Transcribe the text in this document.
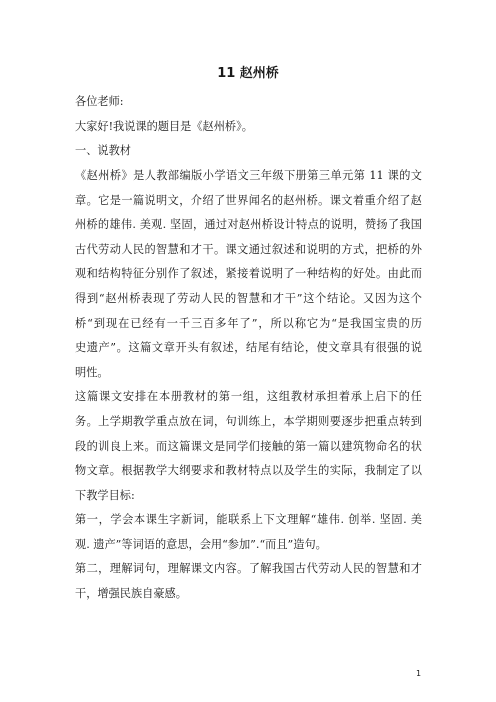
11 赵州桥
各位老师:
大家好!我说课的题目是《赵州桥》。
一、说教材
《赵州桥》是人教部编版小学语文三年级下册第三单元第 11 课的文
章。它是一篇说明文，介绍了世界闻名的赵州桥。课文着重介绍了赵
州桥的雄伟. 美观. 坚固，通过对赵州桥设计特点的说明，赞扬了我国
古代劳动人民的智慧和才干。课文通过叙述和说明的方式，把桥的外
观和结构特征分别作了叙述，紧接着说明了一种结构的好处。由此而
得到“赵州桥表现了劳动人民的智慧和才干”这个结论。又因为这个
桥“到现在已经有一千三百多年了”，所以称它为“是我国宝贵的历
史遗产”。这篇文章开头有叙述，结尾有结论，使文章具有很强的说
明性。
这篇课文安排在本册教材的第一组，这组教材承担着承上启下的任
务。上学期教学重点放在词，句训练上，本学期则要逐步把重点转到
段的训良上来。而这篇课文是同学们接触的第一篇以建筑物命名的状
物文章。根据教学大纲要求和教材特点以及学生的实际，我制定了以
下教学目标:
第一，学会本课生字新词，能联系上下文理解“雄伟. 创举. 坚固. 美
观. 遗产”等词语的意思，会用“参加”.“而且”造句。
第二，理解词句，理解课文内容。了解我国古代劳动人民的智慧和才
干，增强民族自豪感。
1
